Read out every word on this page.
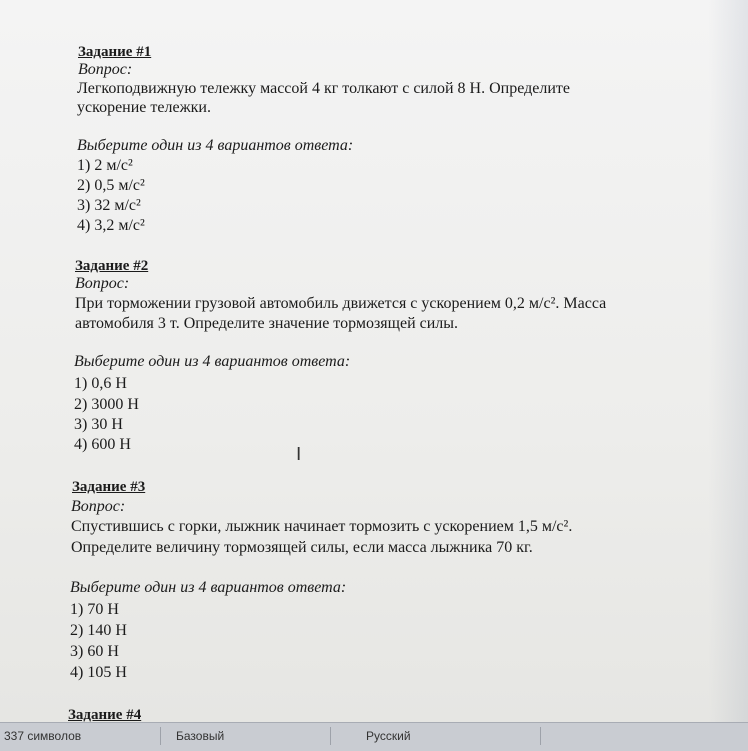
Задание #1
Вопрос:
Легкоподвижную тележку массой 4 кг толкают с силой 8 Н. Определите
ускорение тележки.
Выберите один из 4 вариантов ответа:
1) 2 м/с²
2) 0,5 м/с²
3) 32 м/с²
4) 3,2 м/с²
Задание #2
Вопрос:
При торможении грузовой автомобиль движется с ускорением 0,2 м/с². Масса
автомобиля 3 т. Определите значение тормозящей силы.
Выберите один из 4 вариантов ответа:
1) 0,6 Н
2) 3000 Н
3) 30 Н
4) 600 Н
Задание #3
Вопрос:
Спустившись с горки, лыжник начинает тормозить с ускорением 1,5 м/с².
Определите величину тормозящей силы, если масса лыжника 70 кг.
Выберите один из 4 вариантов ответа:
1) 70 Н
2) 140 Н
3) 60 Н
4) 105 Н
Задание #4
I
337 символов	Базовый	Русский
